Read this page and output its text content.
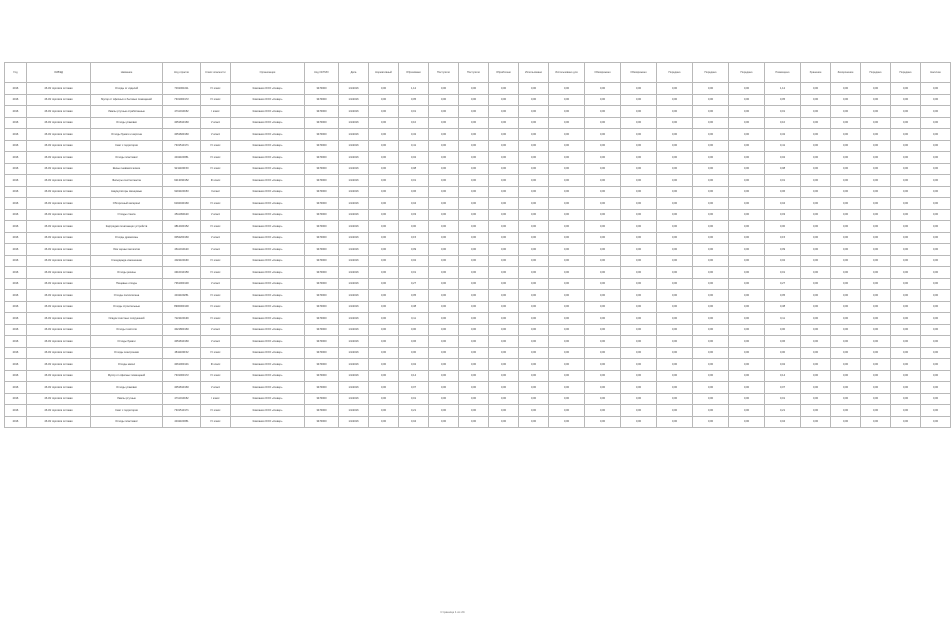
Год	ОКВЭД	Название	Код отрасли	Класс опасности	Организация	Код ОКТМО	Дата	Нормативный	Образовано	Поступило	Поступило	Обработано	Использовано	Использовано для	Обезврежено	Обезврежено	Передано	Передано	Передано	Размещено	Хранение	Захоронение	Передано	Передано	Наличие
2016	46.49 торговля оптовая	Отходы от изделий	7331001011	IV класс	Компания ООО «Север»	3470000	1/1/2016	0,00	1,12	0,00	0,00	0,00	0,00	0,00	0,00	0,00	0,00	0,00	0,00	1,12	0,00	0,00	0,00	0,00	0,00
2016	46.49 торговля оптовая	Мусор от офисных и бытовых помещений	7331000172	IV класс	Компания ООО «Север»	3470000	1/1/2016	0,00	0,05	0,00	0,00	0,00	0,00	0,00	0,00	0,00	0,00	0,00	0,00	0,05	0,00	0,00	0,00	0,00	0,00
2016	46.49 торговля оптовая	Лампы ртутные отработанные	4711010152	I класс	Компания ООО «Север»	3470000	1/1/2016	0,00	0,01	0,00	0,00	0,00	0,00	0,00	0,00	0,00	0,00	0,00	0,00	0,01	0,00	0,00	0,00	0,00	0,00
2016	46.49 торговля оптовая	Отходы упаковки	4051810160	V класс	Компания ООО «Север»	3470000	1/1/2016	0,00	0,10	0,00	0,00	0,00	0,00	0,00	0,00	0,00	0,00	0,00	0,00	0,10	0,00	0,00	0,00	0,00	0,00
2016	46.49 торговля оптовая	Отходы бумаги и картона	4051820160	V класс	Компания ООО «Север»	3470000	1/1/2016	0,00	0,32	0,00	0,00	0,00	0,00	0,00	0,00	0,00	0,00	0,00	0,00	0,32	0,00	0,00	0,00	0,00	0,00
2016	46.49 торговля оптовая	Смет с территории	7331510171	IV класс	Компания ООО «Север»	3470000	1/1/2016	0,00	0,41	0,00	0,00	0,00	0,00	0,00	0,00	0,00	0,00	0,00	0,00	0,41	0,00	0,00	0,00	0,00	0,00
2016	46.49 торговля оптовая	Отходы пластмасс	4341100351	IV класс	Компания ООО «Север»	3470000	1/1/2016	0,00	0,02	0,00	0,00	0,00	0,00	0,00	0,00	0,00	0,00	0,00	0,00	0,02	0,00	0,00	0,00	0,00	0,00
2016	46.49 торговля оптовая	Шины пневматические	9211100150	IV класс	Компания ООО «Север»	3470000	1/1/2016	0,00	0,08	0,00	0,00	0,00	0,00	0,00	0,00	0,00	0,00	0,00	0,00	0,08	0,00	0,00	0,00	0,00	0,00
2016	46.49 торговля оптовая	Фильтры очистки масла	9213030152	III класс	Компания ООО «Север»	3470000	1/1/2016	0,00	0,01	0,00	0,00	0,00	0,00	0,00	0,00	0,00	0,00	0,00	0,00	0,01	0,00	0,00	0,00	0,00	0,00
2016	46.49 торговля оптовая	Аккумуляторы свинцовые	9201100153	II класс	Компания ООО «Север»	3470000	1/1/2016	0,00	0,06	0,00	0,00	0,00	0,00	0,00	0,00	0,00	0,00	0,00	0,00	0,06	0,00	0,00	0,00	0,00	0,00
2016	46.49 торговля оптовая	Обтирочный материал	9192040160	IV класс	Компания ООО «Север»	3470000	1/1/2016	0,00	0,04	0,00	0,00	0,00	0,00	0,00	0,00	0,00	0,00	0,00	0,00	0,04	0,00	0,00	0,00	0,00	0,00
2016	46.49 торговля оптовая	Отходы стекла	4511090120	V класс	Компания ООО «Север»	3470000	1/1/2016	0,00	0,03	0,00	0,00	0,00	0,00	0,00	0,00	0,00	0,00	0,00	0,00	0,03	0,00	0,00	0,00	0,00	0,00
2016	46.49 торговля оптовая	Картриджи печатающих устройств	4812020152	IV класс	Компания ООО «Север»	3470000	1/1/2016	0,00	0,00	0,00	0,00	0,00	0,00	0,00	0,00	0,00	0,00	0,00	0,00	0,00	0,00	0,00	0,00	0,00	0,00
2016	46.49 торговля оптовая	Отходы древесины	3052200160	V класс	Компания ООО «Север»	3470000	1/1/2016	0,00	0,15	0,00	0,00	0,00	0,00	0,00	0,00	0,00	0,00	0,00	0,00	0,15	0,00	0,00	0,00	0,00	0,00
2016	46.49 торговля оптовая	Лом черных металлов	4611010120	V класс	Компания ООО «Север»	3470000	1/1/2016	0,00	0,09	0,00	0,00	0,00	0,00	0,00	0,00	0,00	0,00	0,00	0,00	0,09	0,00	0,00	0,00	0,00	0,00
2016	46.49 торговля оптовая	Спецодежда изношенная	4021100160	IV класс	Компания ООО «Север»	3470000	1/1/2016	0,00	0,02	0,00	0,00	0,00	0,00	0,00	0,00	0,00	0,00	0,00	0,00	0,02	0,00	0,00	0,00	0,00	0,00
2016	46.49 торговля оптовая	Отходы резины	4310010150	IV класс	Компания ООО «Север»	3470000	1/1/2016	0,00	0,01	0,00	0,00	0,00	0,00	0,00	0,00	0,00	0,00	0,00	0,00	0,01	0,00	0,00	0,00	0,00	0,00
2016	46.49 торговля оптовая	Пищевые отходы	7361000130	V класс	Компания ООО «Север»	3470000	1/1/2016	0,00	0,27	0,00	0,00	0,00	0,00	0,00	0,00	0,00	0,00	0,00	0,00	0,27	0,00	0,00	0,00	0,00	0,00
2016	46.49 торговля оптовая	Отходы полиэтилена	4341100251	IV класс	Компания ООО «Север»	3470000	1/1/2016	0,00	0,05	0,00	0,00	0,00	0,00	0,00	0,00	0,00	0,00	0,00	0,00	0,05	0,00	0,00	0,00	0,00	0,00
2016	46.49 торговля оптовая	Отходы строительные	8900000100	IV класс	Компания ООО «Север»	3470000	1/1/2016	0,00	0,38	0,00	0,00	0,00	0,00	0,00	0,00	0,00	0,00	0,00	0,00	0,38	0,00	0,00	0,00	0,00	0,00
2016	46.49 торговля оптовая	Осадок очистных сооружений	7221100139	IV класс	Компания ООО «Север»	3470000	1/1/2016	0,00	0,11	0,00	0,00	0,00	0,00	0,00	0,00	0,00	0,00	0,00	0,00	0,11	0,00	0,00	0,00	0,00	0,00
2016	46.49 торговля оптовая	Отходы текстиля	4021800160	V класс	Компания ООО «Север»	3470000	1/1/2016	0,00	0,00	0,00	0,00	0,00	0,00	0,00	0,00	0,00	0,00	0,00	0,00	0,00	0,00	0,00	0,00	0,00	0,00
2016	46.49 торговля оптовая	Отходы бумаги	4051810160	V класс	Компания ООО «Север»	3470000	1/1/2016	0,00	0,06	0,00	0,00	0,00	0,00	0,00	0,00	0,00	0,00	0,00	0,00	0,06	0,00	0,00	0,00	0,00	0,00
2016	46.49 торговля оптовая	Отходы электроники	4811100152	IV класс	Компания ООО «Север»	3470000	1/1/2016	0,00	0,00	0,00	0,00	0,00	0,00	0,00	0,00	0,00	0,00	0,00	0,00	0,00	0,00	0,00	0,00	0,00	0,00
2016	46.49 торговля оптовая	Отходы масел	4061000131	III класс	Компания ООО «Север»	3470000	1/1/2016	0,00	0,02	0,00	0,00	0,00	0,00	0,00	0,00	0,00	0,00	0,00	0,00	0,02	0,00	0,00	0,00	0,00	0,00
2016	46.49 торговля оптовая	Мусор от офисных помещений	7331000172	IV класс	Компания ООО «Север»	3470000	1/1/2016	0,00	0,14	0,00	0,00	0,00	0,00	0,00	0,00	0,00	0,00	0,00	0,00	0,14	0,00	0,00	0,00	0,00	0,00
2016	46.49 торговля оптовая	Отходы упаковки	4051810160	V класс	Компания ООО «Север»	3470000	1/1/2016	0,00	0,07	0,00	0,00	0,00	0,00	0,00	0,00	0,00	0,00	0,00	0,00	0,07	0,00	0,00	0,00	0,00	0,00
2016	46.49 торговля оптовая	Лампы ртутные	4711010152	I класс	Компания ООО «Север»	3470000	1/1/2016	0,00	0,01	0,00	0,00	0,00	0,00	0,00	0,00	0,00	0,00	0,00	0,00	0,01	0,00	0,00	0,00	0,00	0,00
2016	46.49 торговля оптовая	Смет с территории	7331510171	IV класс	Компания ООО «Север»	3470000	1/1/2016	0,00	0,21	0,00	0,00	0,00	0,00	0,00	0,00	0,00	0,00	0,00	0,00	0,21	0,00	0,00	0,00	0,00	0,00
2016	46.49 торговля оптовая	Отходы пластмасс	4341100351	IV класс	Компания ООО «Север»	3470000	1/1/2016	0,00	0,04	0,00	0,00	0,00	0,00	0,00	0,00	0,00	0,00	0,00	0,00	0,04	0,00	0,00	0,00	0,00	0,00
Страница 1 из 24
